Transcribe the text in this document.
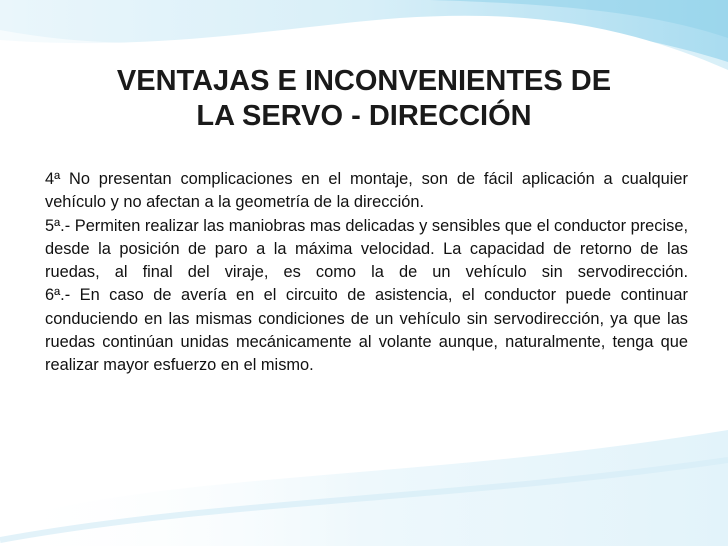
VENTAJAS E INCONVENIENTES DE
LA SERVO - DIRECCIÓN

4ª No presentan complicaciones en el montaje, son de fácil aplicación a cualquier vehículo y no afectan a la geometría de la dirección.

5ª.- Permiten realizar las maniobras mas delicadas y sensibles que el conductor precise, desde la posición de paro a la máxima velocidad. La capacidad de retorno de las ruedas, al final del viraje, es como la de un vehículo sin servodirección.

6ª.- En caso de avería en el circuito de asistencia, el conductor puede continuar conduciendo en las mismas condiciones de un vehículo sin servodirección, ya que las ruedas continúan unidas mecánicamente al volante aunque, naturalmente, tenga que realizar mayor esfuerzo en el mismo.
